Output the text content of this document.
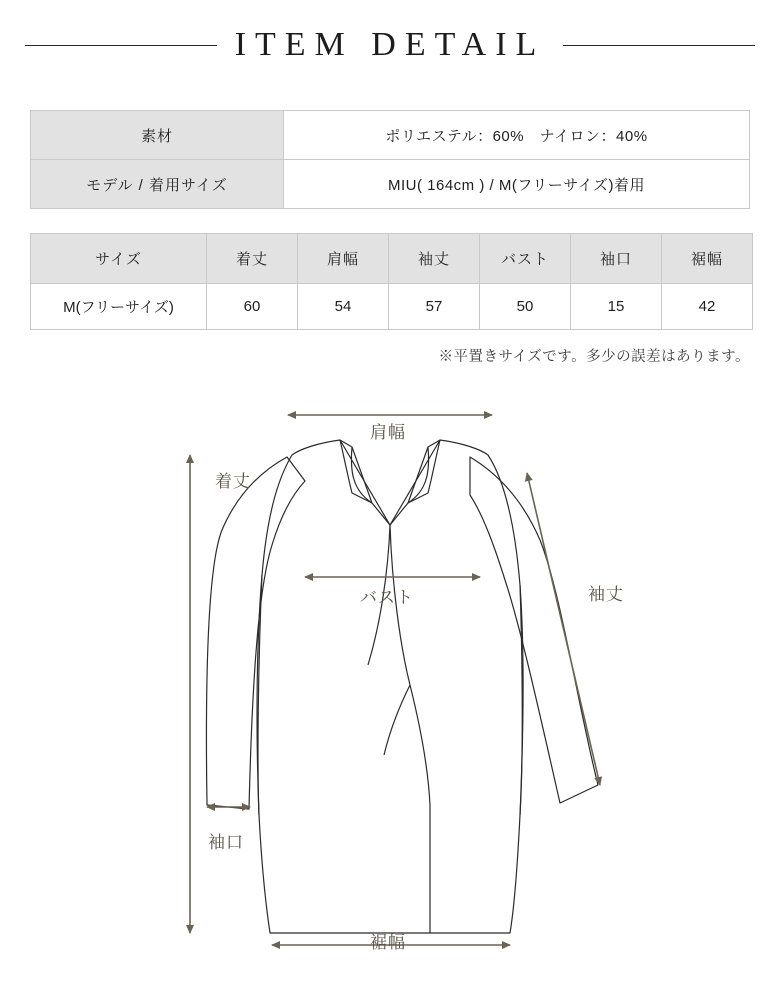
ITEM DETAIL
素材	ポリエステル：60%　ナイロン：40%
モデル / 着用サイズ	MIU( 164cm ) / M(フリーサイズ)着用
サイズ	着丈	肩幅	袖丈	バスト	袖口	裾幅
M(フリーサイズ)	60	54	57	50	15	42
※平置きサイズです。多少の誤差はあります。
着丈
肩幅
バスト	袖丈
袖口
裾幅
